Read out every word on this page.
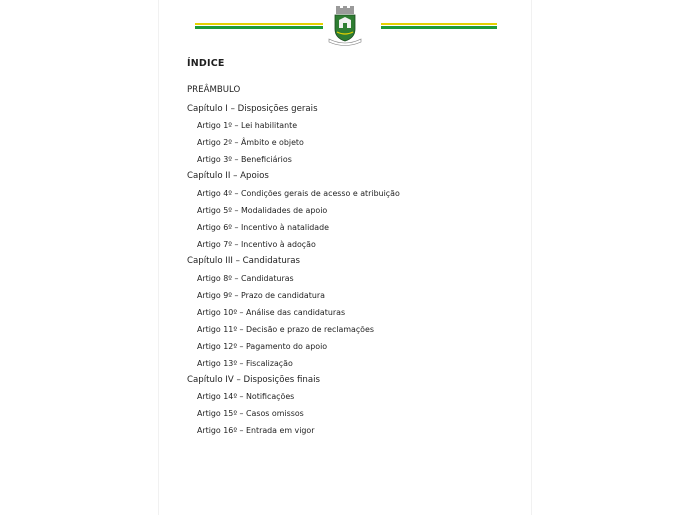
ÍNDICE
PREÂMBULO
Capítulo I – Disposições gerais
Artigo 1º – Lei habilitante
Artigo 2º – Âmbito e objeto
Artigo 3º – Beneficiários
Capítulo II – Apoios
Artigo 4º – Condições gerais de acesso e atribuição
Artigo 5º – Modalidades de apoio
Artigo 6º – Incentivo à natalidade
Artigo 7º – Incentivo à adoção
Capítulo III – Candidaturas
Artigo 8º – Candidaturas
Artigo 9º – Prazo de candidatura
Artigo 10º – Análise das candidaturas
Artigo 11º – Decisão e prazo de reclamações
Artigo 12º – Pagamento do apoio
Artigo 13º – Fiscalização
Capítulo IV – Disposições finais
Artigo 14º – Notificações
Artigo 15º – Casos omissos
Artigo 16º – Entrada em vigor
